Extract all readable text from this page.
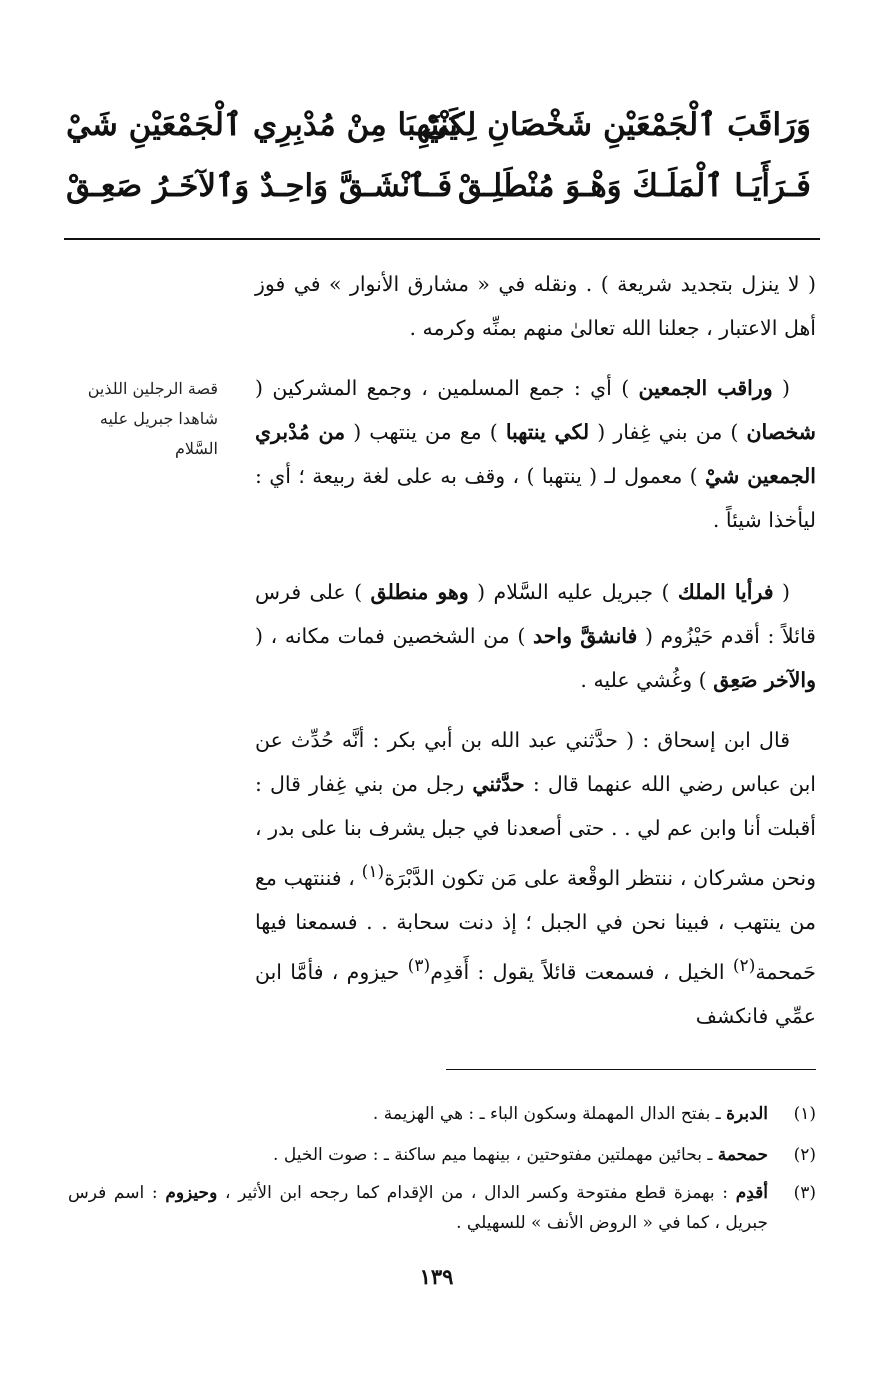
وَرَاقَبَ ٱلْجَمْعَيْنِ شَخْصَانِ لِكَيْ
يَنْتَهِبَا مِنْ مُدْبِرِي ٱلْجَمْعَيْنِ شَيْ
فَـرَأَيَـا ٱلْمَلَـكَ وَهْـوَ مُنْطَلِـقْ
فَـٱنْشَـقَّ وَاحِـدٌ وَٱلآخَـرُ صَعِـقْ
( لا ينزل بتجديد شريعة ) . ونقله في « مشارق الأنوار » في فوز أهل الاعتبار ، جعلنا الله تعالىٰ منهم بمنِّه وكرمه .
( وراقب الجمعين ) أي : جمع المسلمين ، وجمع المشركين ( شخصان ) من بني غِفار ( لكي ينتهبا ) مع من ينتهب ( من مُدْبري الجمعين شيْ ) معمول لـ ( ينتهبا ) ، وقف به على لغة ربيعة ؛ أي : ليأخذا شيئاً .
قصة الرجلين اللذين شاهدا جبريل عليه السَّلام
( فرأيا الملك ) جبريل عليه السَّلام ( وهو منطلق ) على فرس قائلاً : أقدم حَيْزُوم ( فانشقَّ واحد ) من الشخصين فمات مكانه ، ( والآخر صَعِق ) وغُشي عليه .
قال ابن إسحاق : ( حدَّثني عبد الله بن أبي بكر : أنَّه حُدِّث عن ابن عباس رضي الله عنهما قال : حدَّثني رجل من بني غِفار قال : أقبلت أنا وابن عم لي . . حتى أصعدنا في جبل يشرف بنا على بدر ، ونحن مشركان ، ننتظر الوقْعة على مَن تكون الدَّبْرَة$^{(١)}$ ، فننتهب مع من ينتهب ، فبينا نحن في الجبل ؛ إذ دنت سحابة . . فسمعنا فيها حَمحمة$^{(٢)}$ الخيل ، فسمعت قائلاً يقول : أَقدِم$^{(٣)}$ حيزوم ، فأمَّا ابن عمِّي فانكشف
(١)الدبرة ـ بفتح الدال المهملة وسكون الباء ـ : هي الهزيمة .
(٢)حمحمة ـ بحائين مهملتين مفتوحتين ، بينهما ميم ساكنة ـ : صوت الخيل .
(٣)أقدِم : بهمزة قطع مفتوحة وكسر الدال ، من الإقدام كما رجحه ابن الأثير ، وحيزوم : اسم فرس جبريل ، كما في « الروض الأنف » للسهيلي .
١٣٩
